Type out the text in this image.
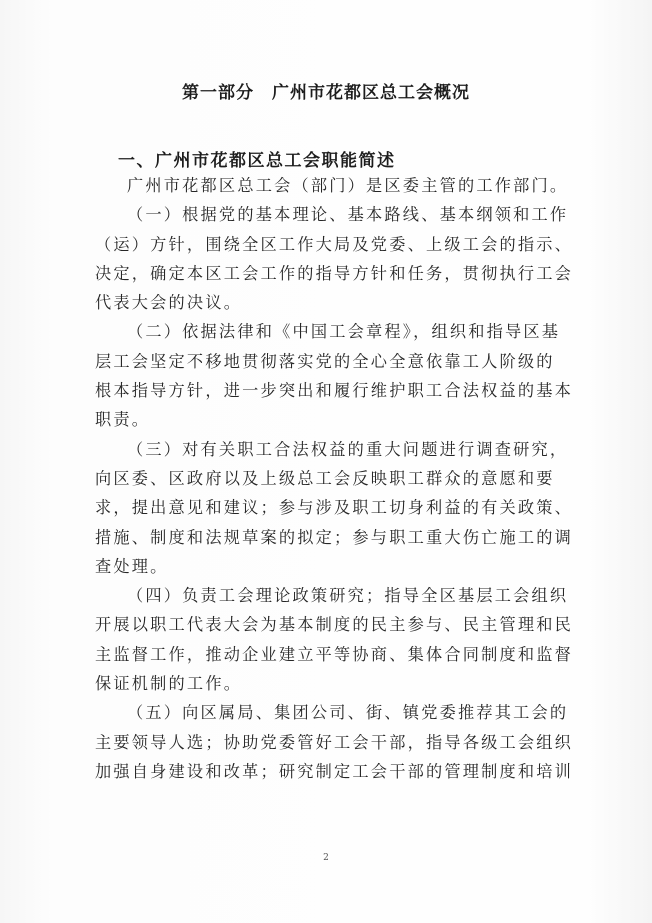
第一部分 广州市花都区总工会概况
一、广州市花都区总工会职能简述
广州市花都区总工会（部门）是区委主管的工作部门。
（一）根据党的基本理论、基本路线、基本纲领和工作
（运）方针，围绕全区工作大局及党委、上级工会的指示、
决定，确定本区工会工作的指导方针和任务，贯彻执行工会
代表大会的决议。
（二）依据法律和《中国工会章程》，组织和指导区基
层工会坚定不移地贯彻落实党的全心全意依靠工人阶级的
根本指导方针，进一步突出和履行维护职工合法权益的基本
职责。
（三）对有关职工合法权益的重大问题进行调查研究，
向区委、区政府以及上级总工会反映职工群众的意愿和要
求，提出意见和建议；参与涉及职工切身利益的有关政策、
措施、制度和法规草案的拟定；参与职工重大伤亡施工的调
查处理。
（四）负责工会理论政策研究；指导全区基层工会组织
开展以职工代表大会为基本制度的民主参与、民主管理和民
主监督工作，推动企业建立平等协商、集体合同制度和监督
保证机制的工作。
（五）向区属局、集团公司、街、镇党委推荐其工会的
主要领导人选；协助党委管好工会干部，指导各级工会组织
加强自身建设和改革；研究制定工会干部的管理制度和培训
2
